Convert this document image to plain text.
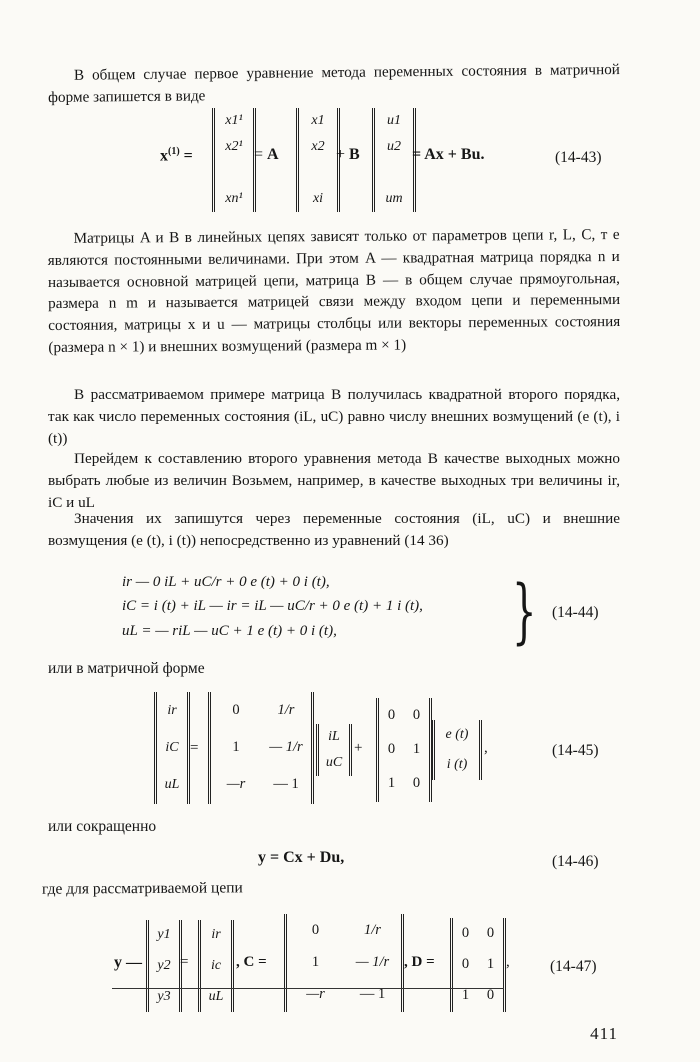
В общем случае первое уравнение метода переменных состояния в матричной форме запишется в виде

$x^{(1)}$ =
x1¹
x2¹

xn¹
= A
x1
x2

xi
+ B
u1
u2

um
= Ax + Bu.	(14-43)

Матрицы A и B в линейных цепях зависят только от параметров цепи r, L, C, т е являются постоянными величинами. При этом A — квадратная матрица порядка n и называется основной матрицей цепи, матрица B — в общем случае прямоугольная, размера n m и называется матрицей связи между входом цепи и переменными состояния, матрицы x и u — матрицы столбцы или векторы переменных состояния (размера n × 1) и внешних возмущений (размера m × 1)

В рассматриваемом примере матрица B получилась квадратной второго порядка, так как число переменных состояния (iL, uC) равно числу внешних возмущений (e (t), i (t))

Перейдем к составлению второго уравнения метода В качестве выходных можно выбрать любые из величин Возьмем, например, в качестве выходных три величины ir, iC и uL

Значения их запишутся через переменные состояния (iL, uC) и внешние возмущения (e (t), i (t)) непосредственно из уравнений (14 36)

ir — 0 iL + uC/r + 0 e (t) + 0 i (t),
iC = i (t) + iL — ir = iL — uC/r + 0 e (t) + 1 i (t),
uL = — riL — uC + 1 e (t) + 0 i (t),	} (14-44)
или в матричной форме
ir
iC
uL
=
0	1/r
1	— 1/r
—r	— 1
iL
uC
+
0	0
0	1
1	0
e (t)
i (t)
,	(14-45)
или сокращенно
y = Cx + Du,	(14-46)
где для рассматриваемой цепи
y —
y1
y2
y3
=
ir
ic
uL
, C =
0	1/r
1	— 1/r
—r	— 1
, D =
0	0
0	1
1	0
,	(14-47)
411
